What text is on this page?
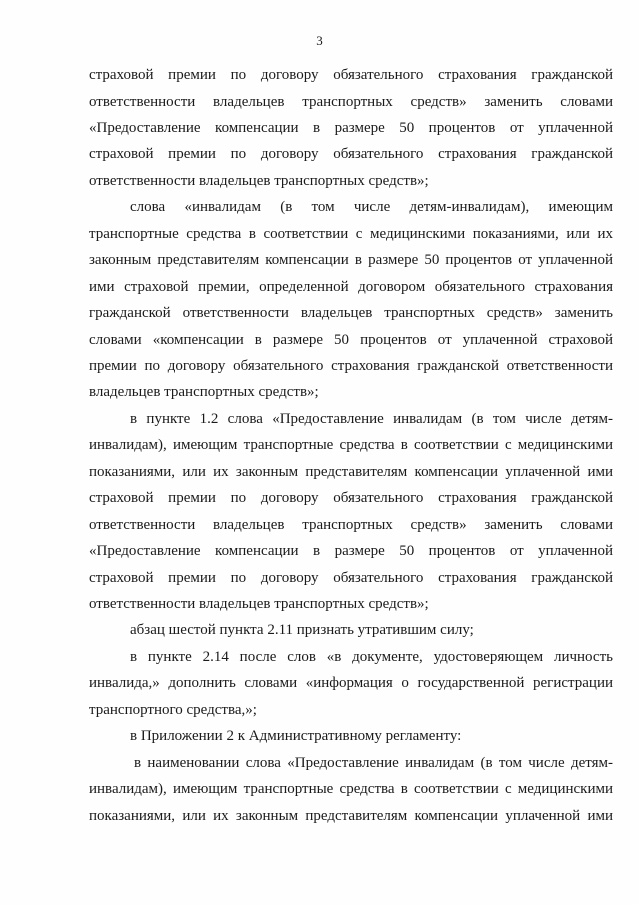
3
страховой премии по договору обязательного страхования гражданской
ответственности владельцев транспортных средств» заменить словами
«Предоставление компенсации в размере 50 процентов от уплаченной
страховой премии по договору обязательного страхования гражданской
ответственности владельцев транспортных средств»;
слова «инвалидам (в том числе детям-инвалидам), имеющим
транспортные средства в соответствии с медицинскими показаниями, или их
законным представителям компенсации в размере 50 процентов от уплаченной
ими страховой премии, определенной договором обязательного страхования
гражданской ответственности владельцев транспортных средств» заменить
словами «компенсации в размере 50 процентов от уплаченной страховой
премии по договору обязательного страхования гражданской ответственности
владельцев транспортных средств»;
в пункте 1.2 слова «Предоставление инвалидам (в том числе детям-
инвалидам), имеющим транспортные средства в соответствии с медицинскими
показаниями, или их законным представителям компенсации уплаченной ими
страховой премии по договору обязательного страхования гражданской
ответственности владельцев транспортных средств» заменить словами
«Предоставление компенсации в размере 50 процентов от уплаченной
страховой премии по договору обязательного страхования гражданской
ответственности владельцев транспортных средств»;
абзац шестой пункта 2.11 признать утратившим силу;
в пункте 2.14 после слов «в документе, удостоверяющем личность
инвалида,» дополнить словами «информация о государственной регистрации
транспортного средства,»;
в Приложении 2 к Административному регламенту:
в наименовании слова «Предоставление инвалидам (в том числе детям-
инвалидам), имеющим транспортные средства в соответствии с медицинскими
показаниями, или их законным представителям компенсации уплаченной ими
